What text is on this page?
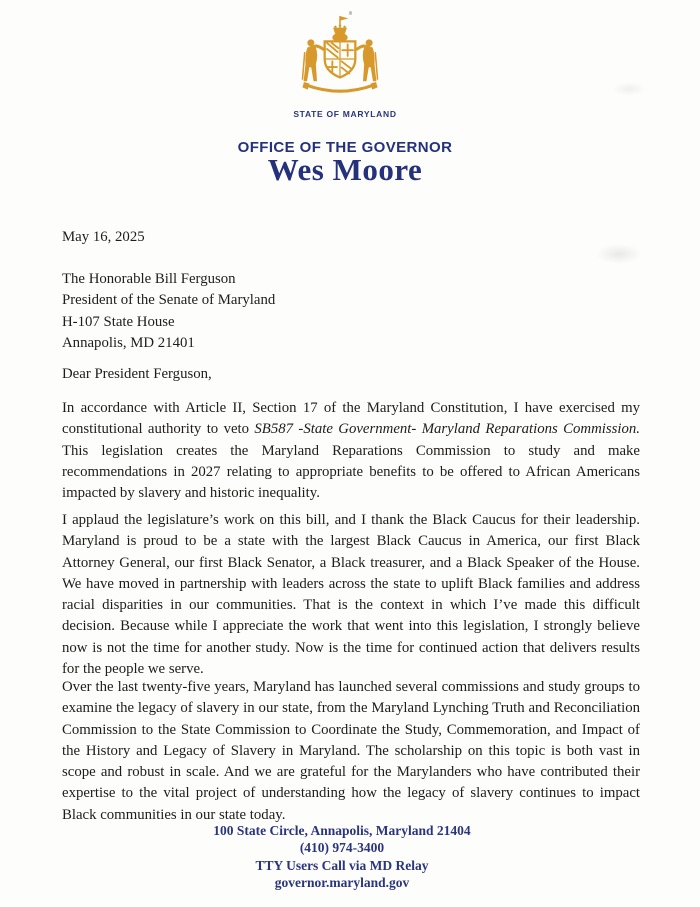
STATE OF MARYLAND
OFFICE OF THE GOVERNOR
Wes Moore
May 16, 2025
The Honorable Bill Ferguson
President of the Senate of Maryland
H-107 State House
Annapolis, MD 21401
Dear President Ferguson,
In accordance with Article II, Section 17 of the Maryland Constitution, I have exercised my
constitutional authority to veto SB587 -State Government- Maryland Reparations Commission.
This legislation creates the Maryland Reparations Commission to study and make
recommendations in 2027 relating to appropriate benefits to be offered to African Americans
impacted by slavery and historic inequality.
I applaud the legislature’s work on this bill, and I thank the Black Caucus for their leadership.
Maryland is proud to be a state with the largest Black Caucus in America, our first Black
Attorney General, our first Black Senator, a Black treasurer, and a Black Speaker of the House.
We have moved in partnership with leaders across the state to uplift Black families and address
racial disparities in our communities. That is the context in which I’ve made this difficult
decision. Because while I appreciate the work that went into this legislation, I strongly believe
now is not the time for another study. Now is the time for continued action that delivers results
for the people we serve.
Over the last twenty-five years, Maryland has launched several commissions and study groups to
examine the legacy of slavery in our state, from the Maryland Lynching Truth and Reconciliation
Commission to the State Commission to Coordinate the Study, Commemoration, and Impact of
the History and Legacy of Slavery in Maryland. The scholarship on this topic is both vast in
scope and robust in scale. And we are grateful for the Marylanders who have contributed their
expertise to the vital project of understanding how the legacy of slavery continues to impact
Black communities in our state today.
100 State Circle, Annapolis, Maryland 21404
(410) 974-3400
TTY Users Call via MD Relay
governor.maryland.gov
